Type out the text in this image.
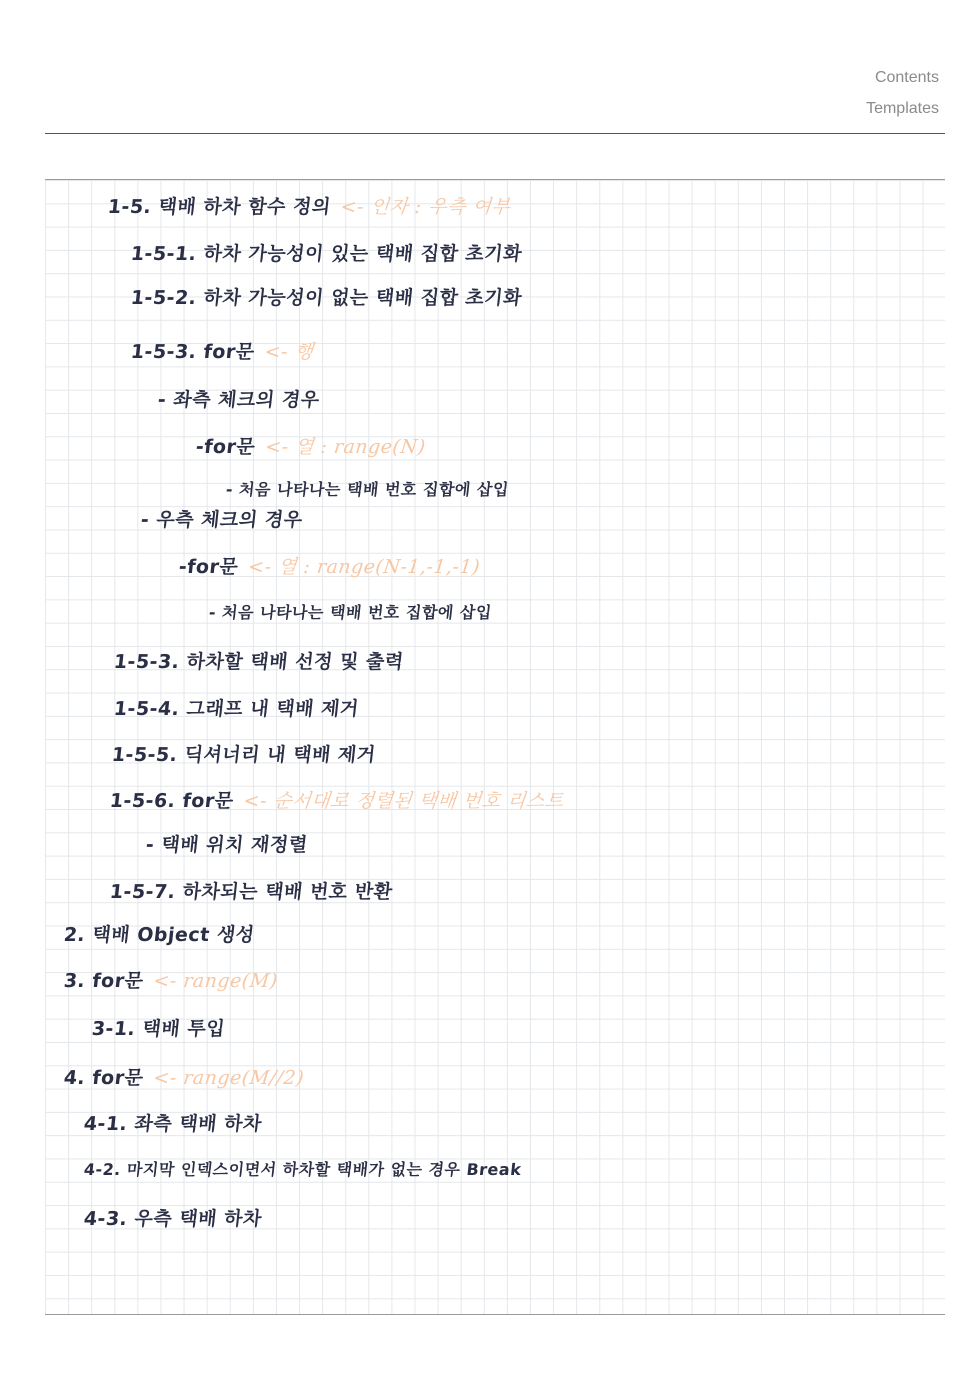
Contents
Templates
1-5. 택배 하차 함수 정의 <- 인자 : 우측 여부
1-5-1. 하차 가능성이 있는 택배 집합 초기화
1-5-2. 하차 가능성이 없는 택배 집합 초기화
1-5-3. for문 <- 행
- 좌측 체크의 경우
-for문 <- 열 : range(N)
- 처음 나타나는 택배 번호 집합에 삽입
- 우측 체크의 경우
-for문 <- 열 : range(N-1,-1,-1)
- 처음 나타나는 택배 번호 집합에 삽입
1-5-3. 하차할 택배 선정 및 출력
1-5-4. 그래프 내 택배 제거
1-5-5. 딕셔너리 내 택배 제거
1-5-6. for문 <- 순서대로 정렬된 택배 번호 리스트
- 택배 위치 재정렬
1-5-7. 하차되는 택배 번호 반환
2. 택배 Object 생성
3. for문 <- range(M)
3-1. 택배 투입
4. for문 <- range(M//2)
4-1. 좌측 택배 하차
4-2. 마지막 인덱스이면서 하차할 택배가 없는 경우 Break
4-3. 우측 택배 하차
